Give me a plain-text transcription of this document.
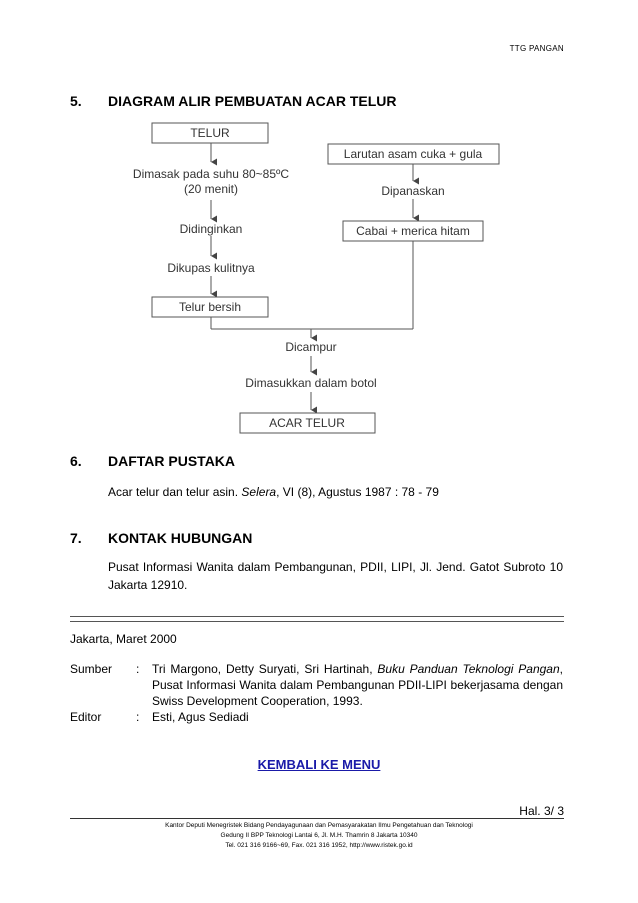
TTG PANGAN
5. DIAGRAM ALIR PEMBUATAN ACAR TELUR
TELUR
Dimasak pada suhu 80~85ºC
(20 menit)
Didinginkan
Dikupas kulitnya
Telur bersih
Larutan asam cuka + gula
Dipanaskan
Cabai + merica hitam
Dicampur
Dimasukkan dalam botol
ACAR TELUR
6. DAFTAR PUSTAKA
Acar telur dan telur asin. Selera, VI (8), Agustus 1987 : 78 - 79
7. KONTAK HUBUNGAN
Pusat Informasi Wanita dalam Pembangunan, PDII, LIPI, Jl. Jend. Gatot Subroto 10 Jakarta 12910.
Jakarta, Maret 2000
Sumber : Tri Margono, Detty Suryati, Sri Hartinah, Buku Panduan Teknologi Pangan, Pusat Informasi Wanita dalam Pembangunan PDII-LIPI bekerjasama dengan Swiss Development Cooperation, 1993.
Editor	: Esti, Agus Sediadi
KEMBALI KE MENU
Hal. 3/ 3
Kantor Deputi Menegristek Bidang Pendayagunaan dan Pemasyarakatan Ilmu Pengetahuan dan Teknologi
Gedung II BPP Teknologi Lantai 6, Jl. M.H. Thamrin 8 Jakarta 10340
Tel. 021 316 9166~69, Fax. 021 316 1952, http://www.ristek.go.id
